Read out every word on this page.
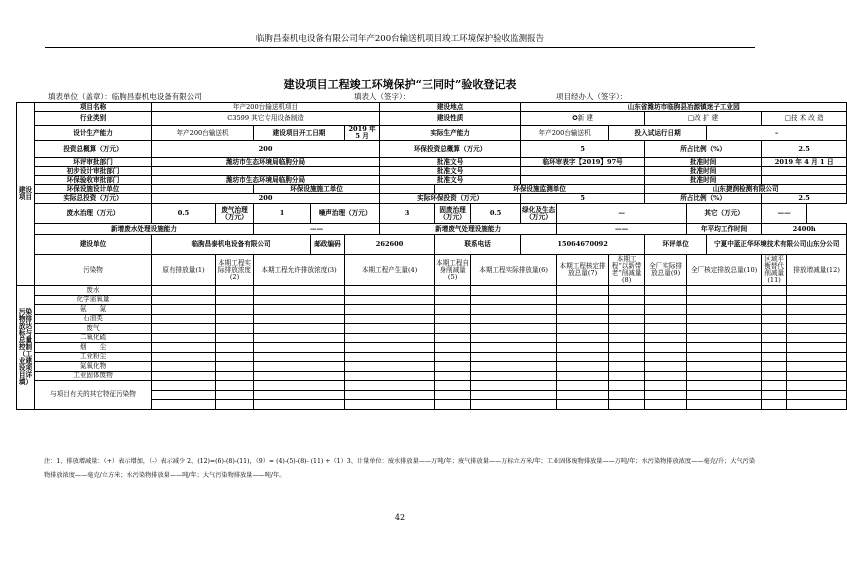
临朐昌泰机电设备有限公司年产200台输送机项目竣工环境保护验收监测报告
建设项目工程竣工环境保护“三同时”验收登记表
填表单位（盖章）：临朐昌泰机电设备有限公司	填表人（签字）：	项目经办人（签字）：
建设项目	项目名称	年产200台输送机项目					建设地点			山东省潍坊市临朐县冶源镇迷子工业园							
	行业类别	C3599 其它专用设备制造					建设性质			✪新 建			□改 扩 建			□技 术 改 造	
	设计生产能力	年产200台输送机		建设项目开工日期		2019 年 5 月	实际生产能力			年产200台输送机		投入试运行日期			–		
	投资总概算（万元）	200					环保投资总概算（万元）			5			所占比例（%）			2.5	
	环评审批部门	潍坊市生态环境局临朐分局					批准文号			临环审表字【2019】97号			批准时间			2019 年 4 月 1 日	
	初步设计审批部门						批准文号						批准时间				
	环保验收审批部门	潍坊市生态环境局临朐分局					批准文号						批准时间				
	环保设施设计单位			环保设施施工单位				环保设施监测单位					山东捷润检测有限公司				
	实际总投资（万元）	200					实际环保投资（万元）			5			所占比例（%）			2.5	
	废水治理（万元）	0.5	废气治理（万元）	1	噪声治理（万元）		3	固废治理（万元）	0.5	绿化及生态（万元）	—			其它（万元）		——	
	新增废水处理设施能力			——			新增废气处理设施能力				——			年平均工作时间		2400h	
	建设单位	临朐昌泰机电设备有限公司			邮政编码	262600		联系电话		15064670092			环评单位		宁夏中蓝正华环境技术有限公司山东分公司		
	污染物	原有排放量(1)	本期工程实际排放浓度(2)	本期工程允许排放浓度(3)		本期工程产生量(4)		本期工程自身削减量(5)	本期工程实际排放量(6)		本期工程核定排放总量(7)	本期工程“以新带老”削减量(8)	全厂实际排放总量(9)	全厂核定排放总量(10)		区域平衡替代削减量(11)	排放增减量(12)
污染物排放达标与总量控制（工业建设项目详填）	废水																
	化学需氧量																
	氨　　氮																
	石油类																
	废气																
	二氧化硫																
	烟　　尘																
	工业粉尘																
	氮氧化物																
	工业固体废物																
	与项目有关的其它特征污染物																

注：1、排放增减量：（+）表示增加，（-）表示减少 2、(12)=(6)-(8)-(11)，（9）= (4)-(5)-(8)- (11) +（1）3、计量单位：废水排放量——万吨/年；废气排放量——万标立方米/年；工业固体废物排放量——万吨/年；水污染物排放浓度——毫克/升；大气污染物排放浓度——毫克/立方米；水污染物排放量——吨/年；大气污染物排放量——吨/年。
42
